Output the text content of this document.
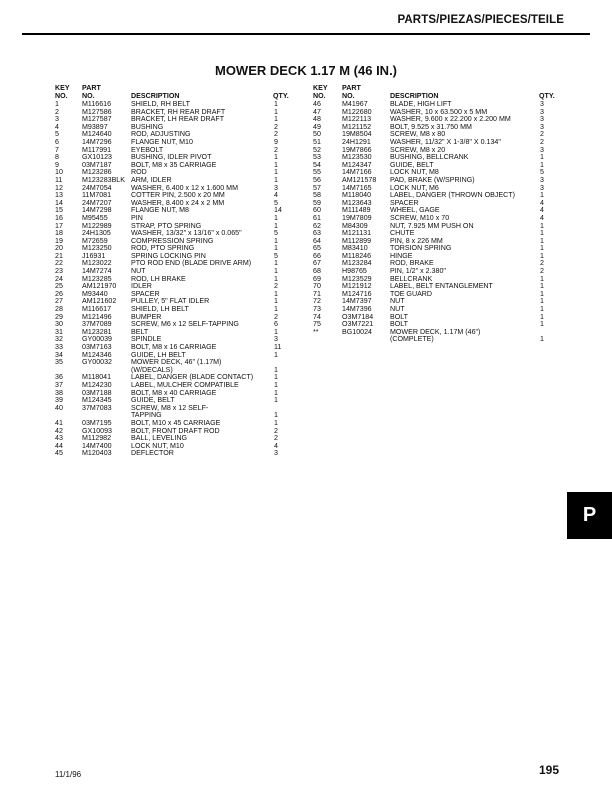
PARTS/PIEZAS/PIECES/TEILE
MOWER DECK 1.17 M (46 IN.)
KEY
NO.
PART
NO.	DESCRIPTION	QTY.
1	M116616	SHIELD, RH BELT	1
2	M127586	BRACKET, RH REAR DRAFT	1
3	M127587	BRACKET, LH REAR DRAFT	1
4	M93897	BUSHING	2
5	M124640	ROD, ADJUSTING	2
6	14M7296	FLANGE NUT, M10	9
7	M117991	EYEBOLT	2
8	GX10123	BUSHING, IDLER PIVOT	1
9	03M7187	BOLT, M8 x 35 CARRIAGE	1
10	M123286	ROD	1
11	M123283BLK ARM, IDLER	1
12	24M7054	WASHER, 6.400 x 12 x 1.600 MM	3
13	11M7081	COTTER PIN, 2.500 x 20 MM	4
14	24M7207	WASHER, 8.400 x 24 x 2 MM	5
15	14M7298	FLANGE NUT, M8	14
16	M95455	PIN	1
17	M122989	STRAP, PTO SPRING	1
18	24H1305	WASHER, 13/32" x 13/16" x 0.065"	5
19	M72659	COMPRESSION SPRING	1
20	M123250	ROD, PTO SPRING	1
21	J16931	SPRING LOCKING PIN	5
22	M123022	PTO ROD END (BLADE DRIVE ARM)	1
23	14M7274	NUT	1
24	M123285	ROD, LH BRAKE	1
25	AM121970	IDLER	2
26	M93440	SPACER	1
27	AM121602	PULLEY, 5" FLAT IDLER	1
28	M116617	SHIELD, LH BELT	1
29	M121496	BUMPER	2
30	37M7089	SCREW, M6 x 12 SELF-TAPPING	6
31	M123281	BELT	1
32	GY00039	SPINDLE	3
33	03M7163	BOLT, M8 x 16 CARRIAGE	11
34	M124346	GUIDE, LH BELT	1
35	GY00032	MOWER DECK, 46" (1.17M)
(W/DECALS)	
1
36	M118041	LABEL, DANGER (BLADE CONTACT)	1
37	M124230	LABEL, MULCHER COMPATIBLE	1
38	03M7188	BOLT, M8 x 40 CARRIAGE	1
39	M124345	GUIDE, BELT	1
40	37M7083	SCREW, M8 x 12 SELF-
TAPPING	
1
41	03M7195	BOLT, M10 x 45 CARRIAGE	1
42	GX10093	BOLT, FRONT DRAFT ROD	2
43	M112982	BALL, LEVELING	2
44	14M7400	LOCK NUT, M10	4
45	M120403	DEFLECTOR	3
KEY
NO.
PART
NO.	DESCRIPTION	QTY.
46	M41967	BLADE, HIGH LIFT	3
47	M122680	WASHER, 10 x 63.500 x 5 MM	3
48	M122113	WASHER, 9.600 x 22.200 x 2.200 MM	3
49	M121152	BOLT, 9.525 x 31.750 MM	3
50	19M8504	SCREW, M8 x 80	2
51	24H1291	WASHER, 11/32" X 1-3/8" X 0.134"	2
52	19M7866	SCREW, M8 x 20	3
53	M123530	BUSHING, BELLCRANK	1
54	M124347	GUIDE, BELT	1
55	14M7166	LOCK NUT, M8	5
56	AM121578	PAD, BRAKE (W/SPRING)	3
57	14M7165	LOCK NUT, M6	3
58	M118040	LABEL, DANGER (THROWN OBJECT)	1
59	M123643	SPACER	4
60	M111489	WHEEL, GAGE	4
61	19M7809	SCREW, M10 x 70	4
62	M84309	NUT, 7.925 MM PUSH ON	1
63	M121131	CHUTE	1
64	M112899	PIN, 8 x 226 MM	1
65	M83410	TORSION SPRING	1
66	M118246	HINGE	1
67	M123284	ROD, BRAKE	2
68	H98765	PIN, 1/2" x 2.380"	2
69	M123529	BELLCRANK	1
70	M121912	LABEL, BELT ENTANGLEMENT	1
71	M124716	TOE GUARD	1
72	14M7397	NUT	1
73	14M7396	NUT	1
74	O3M7184	BOLT	1
75	O3M7221	BOLT	1
**	BG10024	MOWER DECK, 1.17M (46")
(COMPLETE)	
1
P
11/1/96	195
